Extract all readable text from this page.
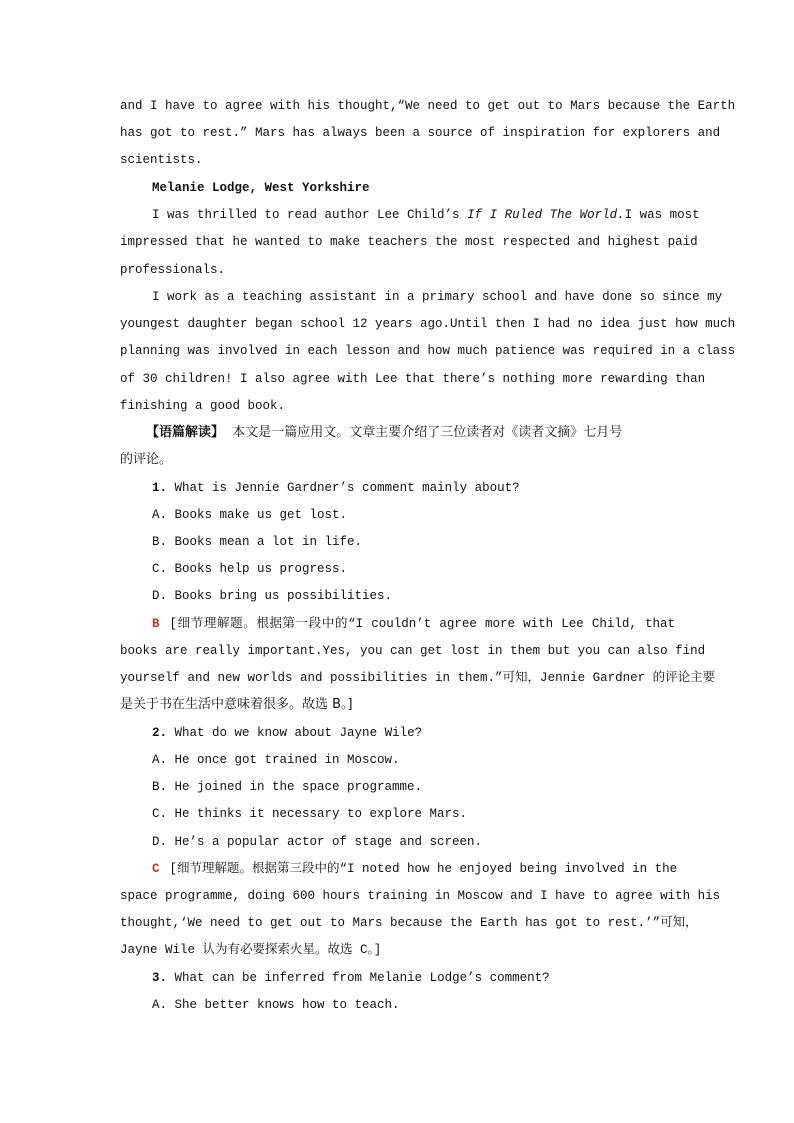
and I have to agree with his thought,“We need to get out to Mars because the Earth
has got to rest.” Mars has always been a source of inspiration for explorers and
scientists.
Melanie Lodge, West Yorkshire
I was thrilled to read author Lee Child’s If I Ruled The World. I was most
impressed that he wanted to make teachers the most respected and highest paid
professionals.
I work as a teaching assistant in a primary school and have done so since my
youngest daughter began school 12 years ago.Until then I had no idea just how much
planning was involved in each lesson and how much patience was required in a class
of 30 children! I also agree with Lee that there’s nothing more rewarding than
finishing a good book.
【语篇解读】 本文是一篇应用文。文章主要介绍了三位读者对《读者文摘》七月号
的评论。
1. What is Jennie Gardner’s comment mainly about?
A. Books make us get lost.
B. Books mean a lot in life.
C. Books help us progress.
D. Books bring us possibilities.
B [细节理解题。根据第一段中的“I couldn’t agree more with Lee Child, that
books are really important.Yes, you can get lost in them but you can also find
yourself and new worlds and possibilities in them.”可知，Jennie Gardner 的评论主要
是关于书在生活中意味着很多。故选 B。]
2. What do we know about Jayne Wile?
A. He once got trained in Moscow.
B. He joined in the space programme.
C. He thinks it necessary to explore Mars.
D. He’s a popular actor of stage and screen.
C [细节理解题。根据第三段中的“I noted how he enjoyed being involved in the
space programme, doing 600 hours training in Moscow and I have to agree with his
thought,‘We need to get out to Mars because the Earth has got to rest.’”可知，
Jayne Wile 认为有必要探索火星。故选 C。]
3. What can be inferred from Melanie Lodge’s comment?
A. She better knows how to teach.
